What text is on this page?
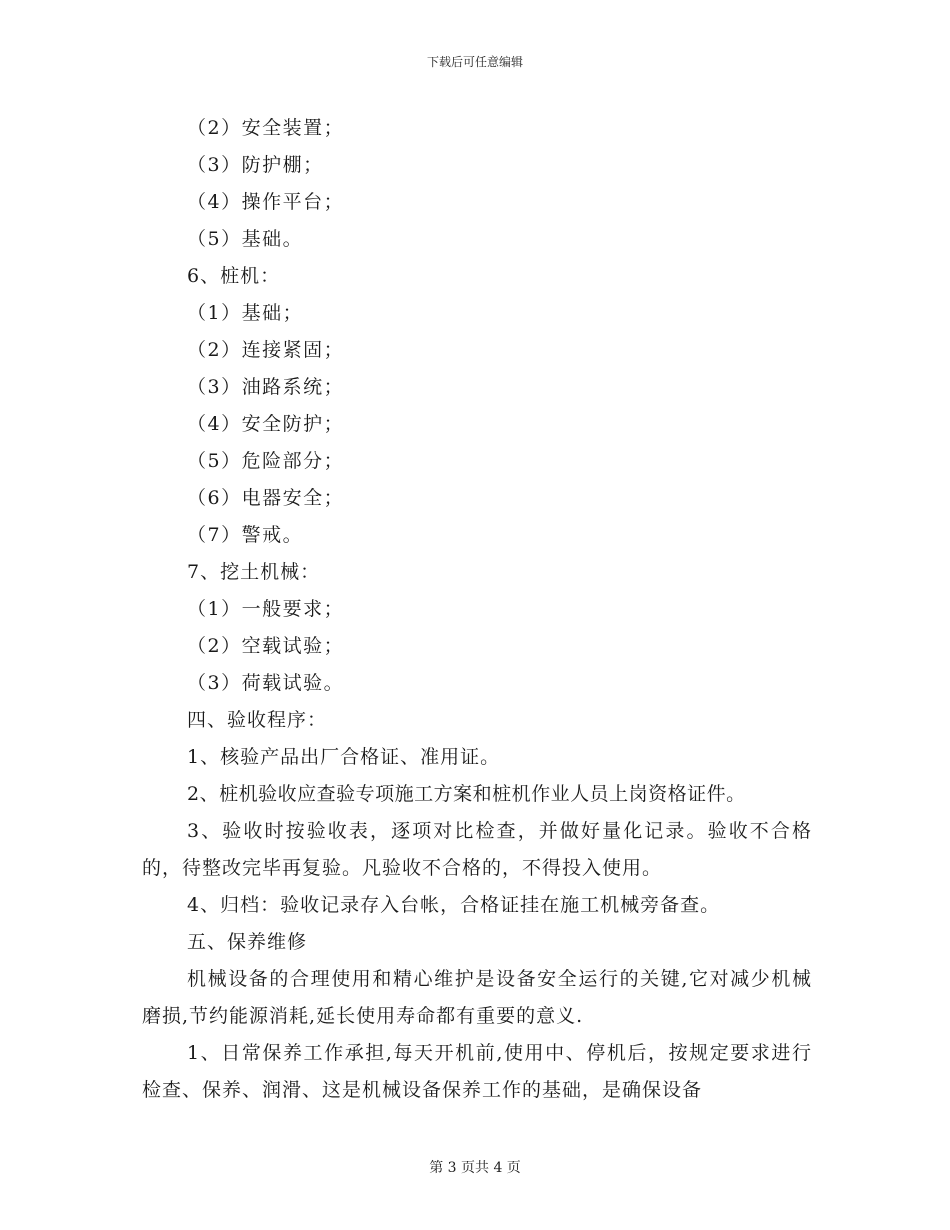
下载后可任意编辑
（2）安全装置；
（3）防护棚；
（4）操作平台；
（5）基础。
6、桩机：
（1）基础；
（2）连接紧固；
（3）油路系统；
（4）安全防护；
（5）危险部分；
（6）电器安全；
（7）警戒。
7、挖土机械：
（1）一般要求；
（2）空载试验；
（3）荷载试验。
四、验收程序：
1、核验产品出厂合格证、准用证。
2、桩机验收应查验专项施工方案和桩机作业人员上岗资格证件。
3、验收时按验收表，逐项对比检查，并做好量化记录。验收不合格的，待整改完毕再复验。凡验收不合格的，不得投入使用。
4、归档：验收记录存入台帐，合格证挂在施工机械旁备查。
五、保养维修
机械设备的合理使用和精心维护是设备安全运行的关键,它对减少机械磨损,节约能源消耗,延长使用寿命都有重要的意义.
1、日常保养工作承担,每天开机前,使用中、停机后，按规定要求进行检查、保养、润滑、这是机械设备保养工作的基础，是确保设备
第 3 页共 4 页
